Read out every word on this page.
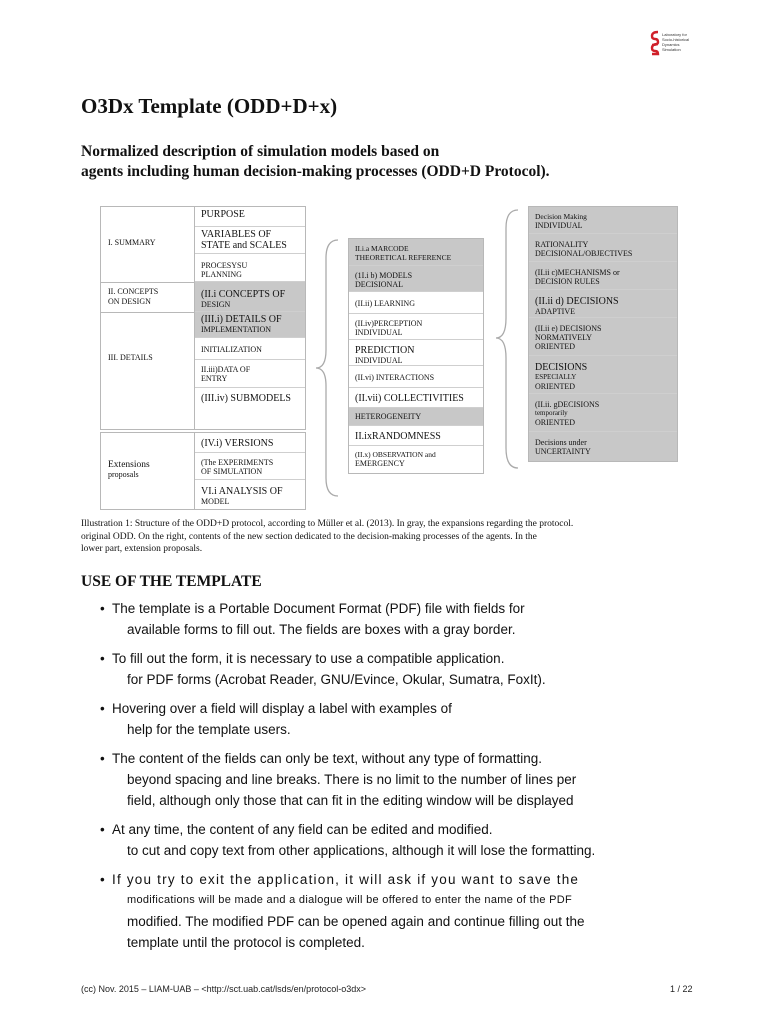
Laboratory for
Socio-historical
Dynamics
Simulation
O3Dx Template (ODD+D+x)
Normalized description of simulation models based on
agents including human decision-making processes (ODD+D Protocol).
I. SUMMARY
II. CONCEPTS
ON DESIGN
III. DETAILS
PURPOSE
VARIABLES OF
STATE and SCALES
PROCESYSU
PLANNING
(II.i CONCEPTS OF
DESIGN
(III.i) DETAILS OF
IMPLEMENTATION
INITIALIZATION
II.iii)DATA OF
ENTRY
(III.iv) SUBMODELS
Extensions
proposals
(IV.i) VERSIONS
(The EXPERIMENTS
OF SIMULATION
VI.i ANALYSIS OF
MODEL
II.i.a MARCODE
THEORETICAL REFERENCE
(1I.i b) MODELS
DECISIONAL
(II.ii) LEARNING
(II.iv)PERCEPTION
INDIVIDUAL
PREDICTION
INDIVIDUAL
(II.vi) INTERACTIONS
(II.vii) COLLECTIVITIES
HETEROGENEITY
II.ixRANDOMNESS
(II.x) OBSERVATION and
EMERGENCY
Decision Making
INDIVIDUAL
RATIONALITY
DECISIONAL/OBJECTIVES
(II.ii c)MECHANISMS or
DECISION RULES
(II.ii d) DECISIONS
ADAPTIVE
(II.ii e) DECISIONS
NORMATIVELY
ORIENTED
DECISIONS
ESPECIALLY
ORIENTED
(II.ii. gDECISIONS
temporarily
ORIENTED
Decisions under
UNCERTAINTY
Illustration 1: Structure of the ODD+D protocol, according to Müller et al. (2013). In gray, the expansions regarding the protocol.
original ODD. On the right, contents of the new section dedicated to the decision-making processes of the agents. In the
lower part, extension proposals.
USE OF THE TEMPLATE
• The template is a Portable Document Format (PDF) file with fields for
available forms to fill out. The fields are boxes with a gray border.
• To fill out the form, it is necessary to use a compatible application.
for PDF forms (Acrobat Reader, GNU/Evince, Okular, Sumatra, FoxIt).
• Hovering over a field will display a label with examples of
help for the template users.
• The content of the fields can only be text, without any type of formatting.
beyond spacing and line breaks. There is no limit to the number of lines per
field, although only those that can fit in the editing window will be displayed
• At any time, the content of any field can be edited and modified.
to cut and copy text from other applications, although it will lose the formatting.
• If you try to exit the application, it will ask if you want to save the
modifications will be made and a dialogue will be offered to enter the name of the PDF
modified. The modified PDF can be opened again and continue filling out the
template until the protocol is completed.
(cc) Nov. 2015 – LIAM-UAB – <http://sct.uab.cat/lsds/en/protocol-o3dx>	1 / 22
